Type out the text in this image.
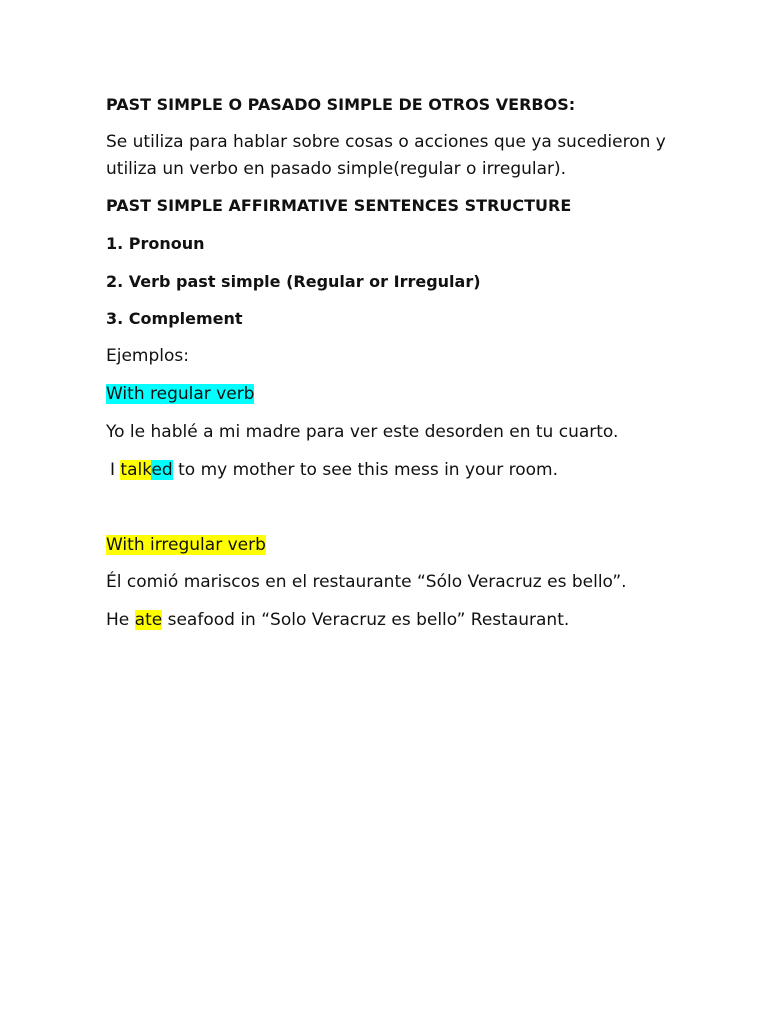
PAST SIMPLE O PASADO SIMPLE DE OTROS VERBOS:

Se utiliza para hablar sobre cosas o acciones que ya sucedieron y

utiliza un verbo en pasado simple(regular o irregular).

PAST SIMPLE AFFIRMATIVE SENTENCES STRUCTURE

1. Pronoun

2. Verb past simple (Regular or Irregular)

3. Complement

Ejemplos:

With regular verb

Yo le hablé a mi madre para ver este desorden en tu cuarto.

I talked to my mother to see this mess in your room.

With irregular verb

Él comió mariscos en el restaurante “Sólo Veracruz es bello”.

He ate seafood in “Solo Veracruz es bello” Restaurant.
